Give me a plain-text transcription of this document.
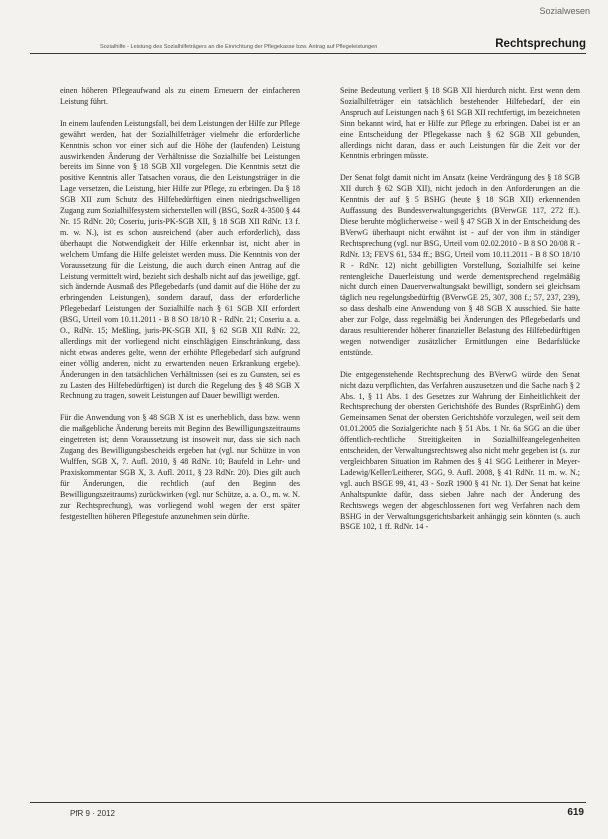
Sozialwesen
Sozialhilfe - Leistung des Sozialhilfeträgers an die Einrichtung der Pflegekasse bzw. Antrag auf Pflegeleistungen	Rechtsprechung

einen höheren Pflegeaufwand als zu einem Erneuern der einfacheren Leistung führt.

In einem laufenden Leistungsfall, bei dem Leistungen der Hilfe zur Pflege gewährt werden, hat der Sozialhilfeträger vielmehr die erforderliche Kenntnis schon vor einer sich auf die Höhe der (laufenden) Leistung auswirkenden Änderung der Verhältnisse die Sozialhilfe bei Leistungen bereits im Sinne von § 18 SGB XII vorgelegen. Die Kenntnis setzt die positive Kenntnis aller Tatsachen voraus, die den Leistungsträger in die Lage versetzen, die Leistung, hier Hilfe zur Pflege, zu erbringen. Da § 18 SGB XII zum Schutz des Hilfebedürftigen einen niedrigschwelligen Zugang zum Sozialhilfesystem sicherstellen will (BSG, SozR 4-3500 § 44 Nr. 15 RdNr. 20; Coseriu, juris-PK-SGB XII, § 18 SGB XII RdNr. 13 f. m. w. N.), ist es schon ausreichend (aber auch erforderlich), dass überhaupt die Notwendigkeit der Hilfe erkennbar ist, nicht aber in welchem Umfang die Hilfe geleistet werden muss. Die Kenntnis von der Voraussetzung für die Leistung, die auch durch einen Antrag auf die Leistung vermittelt wird, bezieht sich deshalb nicht auf das jeweilige, ggf. sich ändernde Ausmaß des Pflegebedarfs (und damit auf die Höhe der zu erbringenden Leistungen), sondern darauf, dass der erforderliche Pflegebedarf Leistungen der Sozialhilfe nach § 61 SGB XII erfordert (BSG, Urteil vom 10.11.2011 - B 8 SO 18/10 R - RdNr. 21; Coseriu a. a. O., RdNr. 15; Meßling, juris-PK-SGB XII, § 62 SGB XII RdNr. 22, allerdings mit der vorliegend nicht einschlägigen Einschränkung, dass nicht etwas anderes gelte, wenn der erhöhte Pflegebedarf sich aufgrund einer völlig anderen, nicht zu erwartenden neuen Erkrankung ergebe). Änderungen in den tatsächlichen Verhältnissen (sei es zu Gunsten, sei es zu Lasten des Hilfebedürftigen) ist durch die Regelung des § 48 SGB X Rechnung zu tragen, soweit Leistungen auf Dauer bewilligt werden.

Für die Anwendung von § 48 SGB X ist es unerheblich, dass bzw. wenn die maßgebliche Änderung bereits mit Beginn des Bewilligungszeitraums eingetreten ist; denn Voraussetzung ist insoweit nur, dass sie sich nach Zugang des Bewilligungsbescheids ergeben hat (vgl. nur Schütze in von Wulffen, SGB X, 7. Aufl. 2010, § 48 RdNr. 10; Baufeld in Lehr- und Praxiskommentar SGB X, 3. Aufl. 2011, § 23 RdNr. 20). Dies gilt auch für Änderungen, die rechtlich (auf den Beginn des Bewilligungszeitraums) zurückwirken (vgl. nur Schütze, a. a. O., m. w. N. zur Rechtsprechung), was vorliegend wohl wegen der erst später festgestellten höheren Pflegestufe anzunehmen sein dürfte.

Seine Bedeutung verliert § 18 SGB XII hierdurch nicht. Erst wenn dem Sozialhilfeträger ein tatsächlich bestehender Hilfebedarf, der ein Anspruch auf Leistungen nach § 61 SGB XII rechtfertigt, im bezeichneten Sinn bekannt wird, hat er Hilfe zur Pflege zu erbringen. Dabei ist er an eine Entscheidung der Pflegekasse nach § 62 SGB XII gebunden, allerdings nicht daran, dass er auch Leistungen für die Zeit vor der Kenntnis erbringen müsste.

Der Senat folgt damit nicht im Ansatz (keine Verdrängung des § 18 SGB XII durch § 62 SGB XII), nicht jedoch in den Anforderungen an die Kenntnis der auf § 5 BSHG (heute § 18 SGB XII) erkennenden Auffassung des Bundesverwaltungsgerichts (BVerwGE 117, 272 ff.). Diese beruhte möglicherweise - weil § 47 SGB X in der Entscheidung des BVerwG überhaupt nicht erwähnt ist - auf der von ihm in ständiger Rechtsprechung (vgl. nur BSG, Urteil vom 02.02.2010 - B 8 SO 20/08 R - RdNr. 13; FEVS 61, 534 ff.; BSG, Urteil vom 10.11.2011 - B 8 SO 18/10 R - RdNr. 12) nicht gebilligten Vorstellung, Sozialhilfe sei keine rentengleiche Dauerleistung und werde dementsprechend regelmäßig nicht durch einen Dauerverwaltungsakt bewilligt, sondern sei gleichsam täglich neu regelungsbedürftig (BVerwGE 25, 307, 308 f.; 57, 237, 239), so dass deshalb eine Anwendung von § 48 SGB X ausschied. Sie hatte aber zur Folge, dass regelmäßig bei Änderungen des Pflegebedarfs und daraus resultierender höherer finanzieller Belastung des Hilfebedürftigen wegen notwendiger zusätzlicher Ermittlungen eine Bedarfslücke entstünde.

Die entgegenstehende Rechtsprechung des BVerwG würde den Senat nicht dazu verpflichten, das Verfahren auszusetzen und die Sache nach § 2 Abs. 1, § 11 Abs. 1 des Gesetzes zur Wahrung der Einheitlichkeit der Rechtsprechung der obersten Gerichtshöfe des Bundes (RsprEinhG) dem Gemeinsamen Senat der obersten Gerichtshöfe vorzulegen, weil seit dem 01.01.2005 die Sozialgerichte nach § 51 Abs. 1 Nr. 6a SGG an die über öffentlich-rechtliche Streitigkeiten in Sozialhilfeangelegenheiten entscheiden, der Verwaltungsrechtsweg also nicht mehr gegeben ist (s. zur vergleichbaren Situation im Rahmen des § 41 SGG Leitherer in Meyer-Ladewig/Keller/Leitherer, SGG, 9. Aufl. 2008, § 41 RdNr. 11 m. w. N.; vgl. auch BSGE 99, 41, 43 - SozR 1900 § 41 Nr. 1). Der Senat hat keine Anhaltspunkte dafür, dass sieben Jahre nach der Änderung des Rechtswegs wegen der abgeschlossenen fort weg Verfahren nach dem BSHG in der Verwaltungsgerichtsbarkeit anhängig sein könnten (s. auch BSGE 102, 1 ff. RdNr. 14 -

PfR 9 · 2012	619
